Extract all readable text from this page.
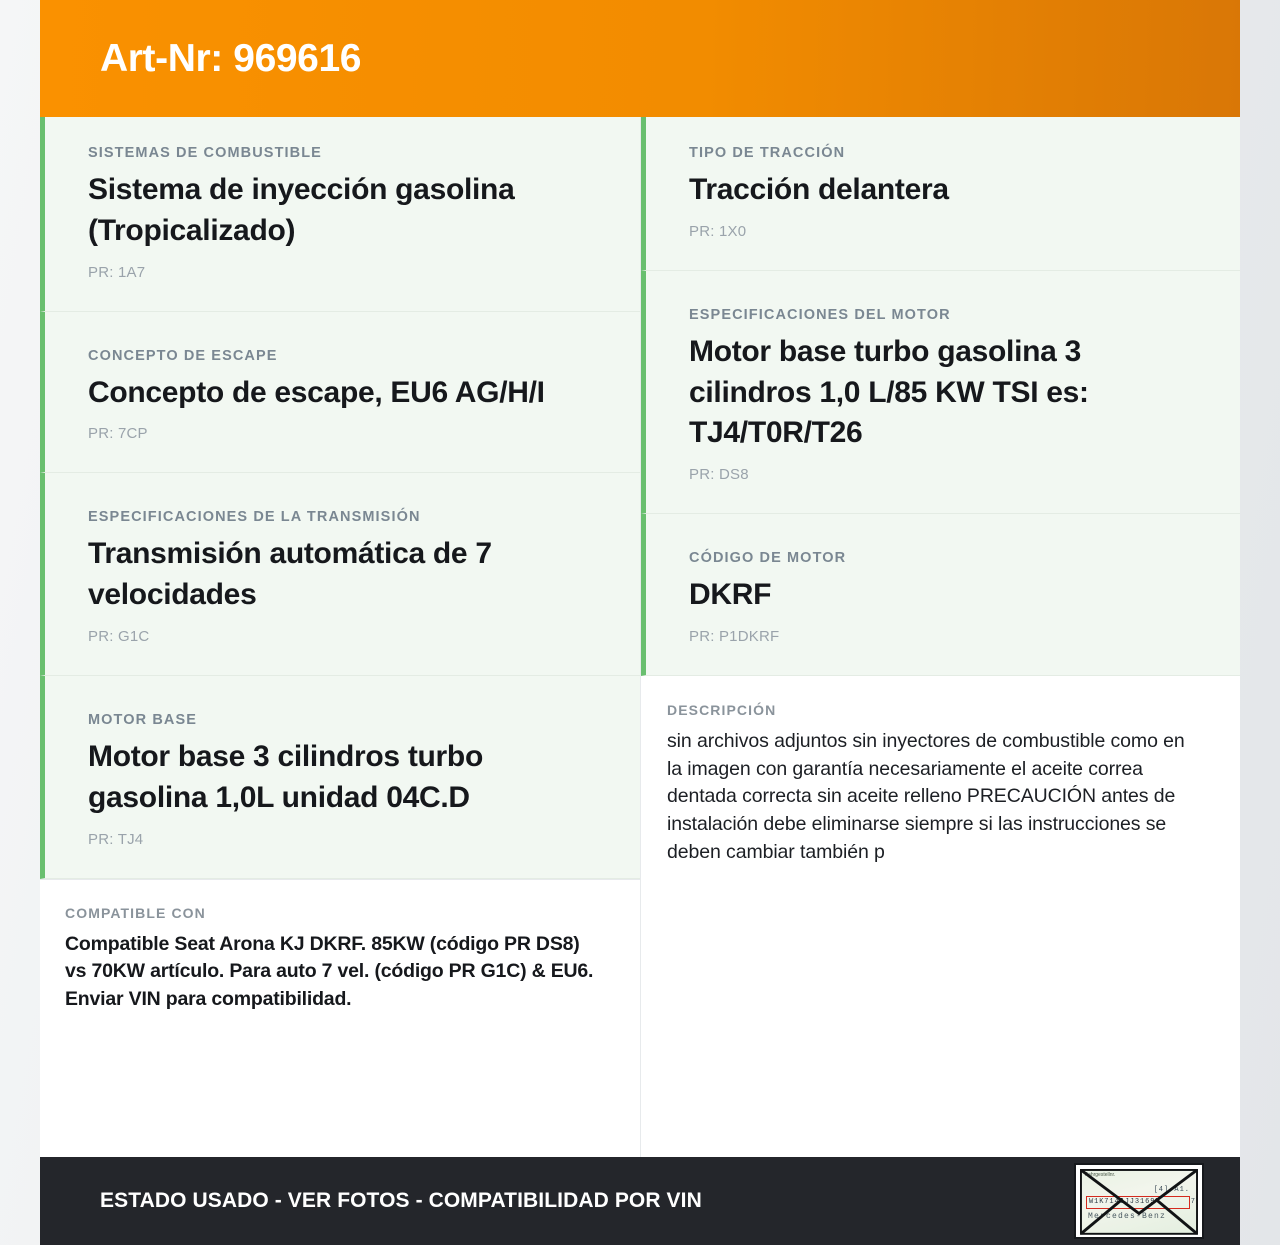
Art-Nr: 969616
SISTEMAS DE COMBUSTIBLE
Sistema de inyección gasolina (Tropicalizado)
PR: 1A7
CONCEPTO DE ESCAPE
Concepto de escape, EU6 AG/H/I
PR: 7CP
ESPECIFICACIONES DE LA TRANSMISIÓN
Transmisión automática de 7 velocidades
PR: G1C
MOTOR BASE
Motor base 3 cilindros turbo gasolina 1,0L unidad 04C.D
PR: TJ4
COMPATIBLE CON
Compatible Seat Arona KJ DKRF. 85KW (código PR DS8) vs 70KW artículo. Para auto 7 vel. (código PR G1C) & EU6. Enviar VIN para compatibilidad.
TIPO DE TRACCIÓN
Tracción delantera
PR: 1X0
ESPECIFICACIONES DEL MOTOR
Motor base turbo gasolina 3 cilindros 1,0 L/85 KW TSI es: TJ4/T0R/T26
PR: DS8
CÓDIGO DE MOTOR
DKRF
PR: P1DKRF
DESCRIPCIÓN
sin archivos adjuntos sin inyectores de combustible como en la imagen con garantía necesariamente el aceite correa dentada correcta sin aceite relleno PRECAUCIÓN antes de instalación debe eliminarse siempre si las instrucciones se deben cambiar también p
ESTADO USADO - VER FOTOS - COMPATIBILIDAD POR VIN
Fahrgestellnr.
[4] A1.
W1K7146JJ3169	7
Mercedes-Benz
